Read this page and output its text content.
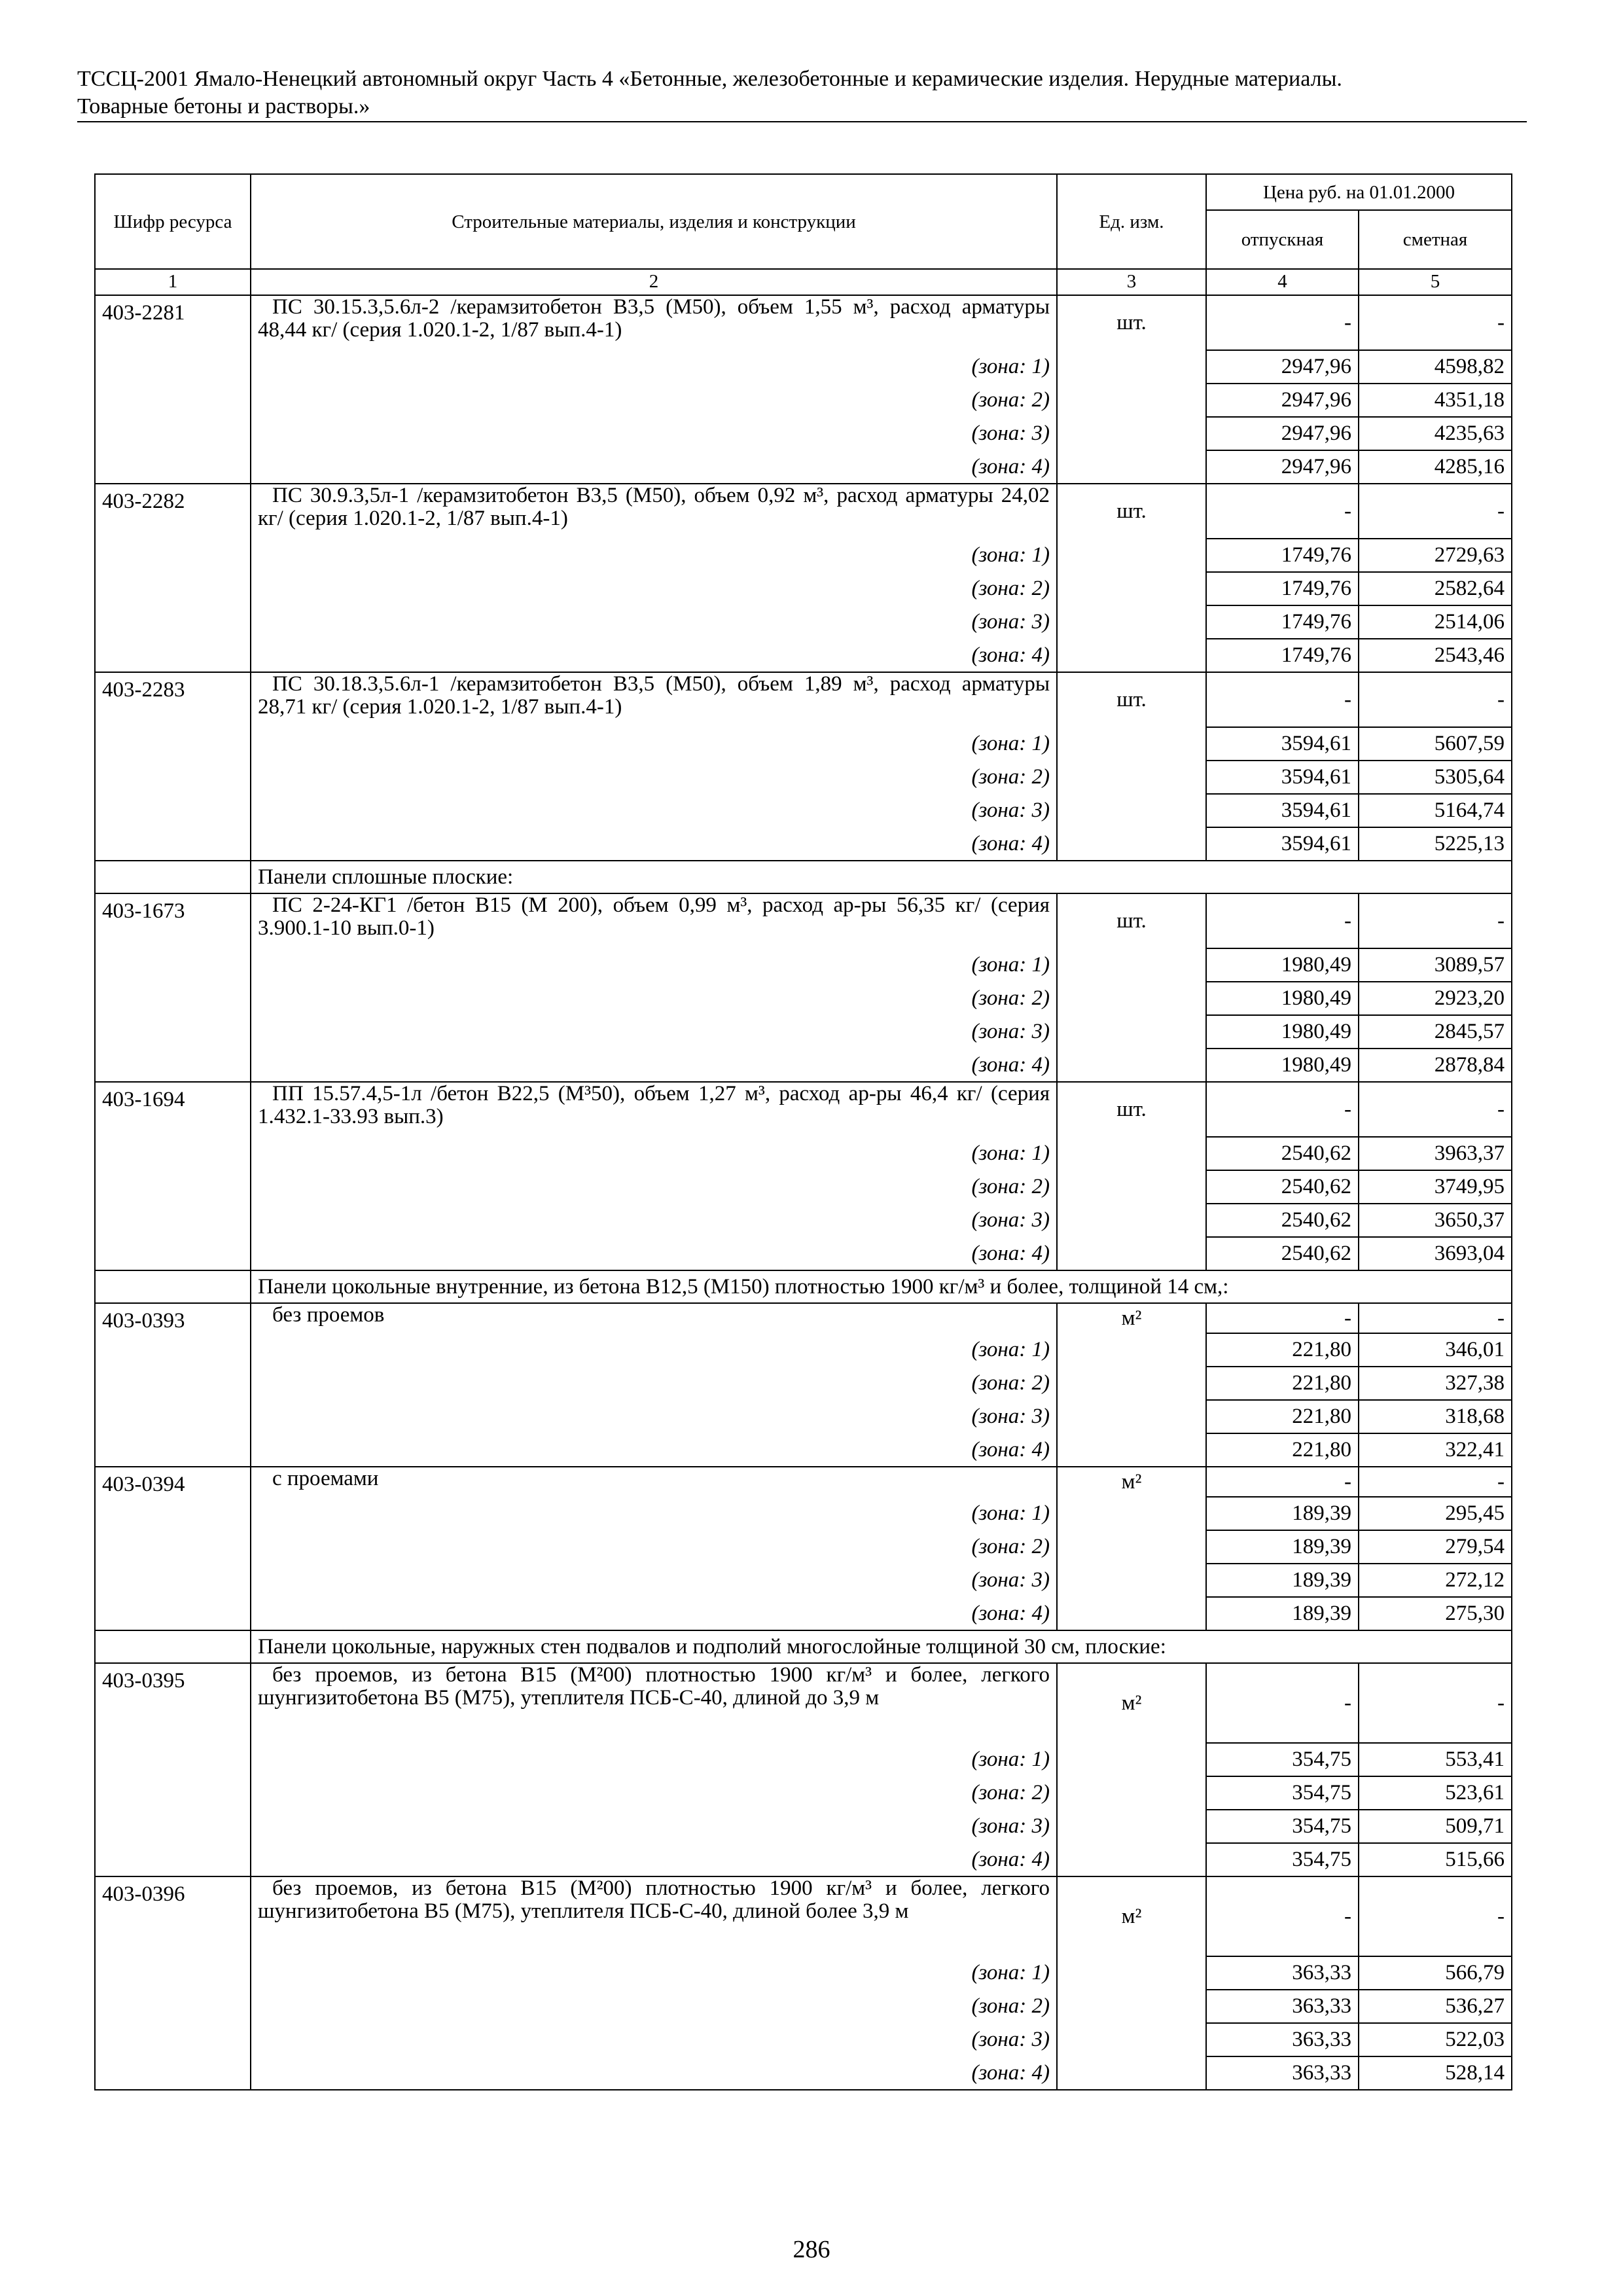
ТССЦ-2001 Ямало-Ненецкий автономный округ Часть 4 «Бетонные, железобетонные и керамические изделия. Нерудные материалы.
Товарные бетоны и растворы.»
Шифр ресурса	Строительные материалы, изделия и конструкции	Ед. изм.	Цена руб. на 01.01.2000	
			отпускная	сметная
1	2	3	4	5
403-2281	ПС 30.15.3,5.6л-2 /керамзитобетон В3,5 (М50), объем 1,55 м³, расход арматуры 48,44 кг/ (серия 1.020.1-2, 1/87 вып.4-1)	шт.	-	-
	(зона: 1)		2947,96	4598,82
	(зона: 2)		2947,96	4351,18
	(зона: 3)		2947,96	4235,63
	(зона: 4)		2947,96	4285,16
403-2282	ПС 30.9.3,5л-1 /керамзитобетон В3,5 (М50), объем 0,92 м³, расход арматуры 24,02 кг/ (серия 1.020.1-2, 1/87 вып.4-1)	шт.	-	-
	(зона: 1)		1749,76	2729,63
	(зона: 2)		1749,76	2582,64
	(зона: 3)		1749,76	2514,06
	(зона: 4)		1749,76	2543,46
403-2283	ПС 30.18.3,5.6л-1 /керамзитобетон В3,5 (М50), объем 1,89 м³, расход арматуры 28,71 кг/ (серия 1.020.1-2, 1/87 вып.4-1)	шт.	-	-
	(зона: 1)		3594,61	5607,59
	(зона: 2)		3594,61	5305,64
	(зона: 3)		3594,61	5164,74
	(зона: 4)		3594,61	5225,13
	Панели сплошные плоские:			
403-1673	ПС 2-24-КГ1 /бетон В15 (М 200), объем 0,99 м³, расход ар-ры 56,35 кг/ (серия 3.900.1-10 вып.0-1)	шт.	-	-
	(зона: 1)		1980,49	3089,57
	(зона: 2)		1980,49	2923,20
	(зона: 3)		1980,49	2845,57
	(зона: 4)		1980,49	2878,84
403-1694	ПП 15.57.4,5-1л /бетон В22,5 (М³50), объем 1,27 м³, расход ар-ры 46,4 кг/ (серия 1.432.1-33.93 вып.3)	шт.	-	-
	(зона: 1)		2540,62	3963,37
	(зона: 2)		2540,62	3749,95
	(зона: 3)		2540,62	3650,37
	(зона: 4)		2540,62	3693,04
	Панели цокольные внутренние, из бетона В12,5 (М150) плотностью 1900 кг/м³ и более, толщиной 14 см,:			
403-0393	без проемов	м²	-	-
	(зона: 1)		221,80	346,01
	(зона: 2)		221,80	327,38
	(зона: 3)		221,80	318,68
	(зона: 4)		221,80	322,41
403-0394	с проемами	м²	-	-
	(зона: 1)		189,39	295,45
	(зона: 2)		189,39	279,54
	(зона: 3)		189,39	272,12
	(зона: 4)		189,39	275,30
	Панели цокольные, наружных стен подвалов и подполий многослойные толщиной 30 см, плоские:			
403-0395	без проемов, из бетона В15 (М²00) плотностью 1900 кг/м³ и более, легкого шунгизитобетона В5 (М75), утеплителя ПСБ-С-40, длиной до 3,9 м	м²	-	-
	(зона: 1)		354,75	553,41
	(зона: 2)		354,75	523,61
	(зона: 3)		354,75	509,71
	(зона: 4)		354,75	515,66
403-0396	без проемов, из бетона В15 (М²00) плотностью 1900 кг/м³ и более, легкого шунгизитобетона В5 (М75), утеплителя ПСБ-С-40, длиной более 3,9 м	м²	-	-
	(зона: 1)		363,33	566,79
	(зона: 2)		363,33	536,27
	(зона: 3)		363,33	522,03
	(зона: 4)		363,33	528,14
286
